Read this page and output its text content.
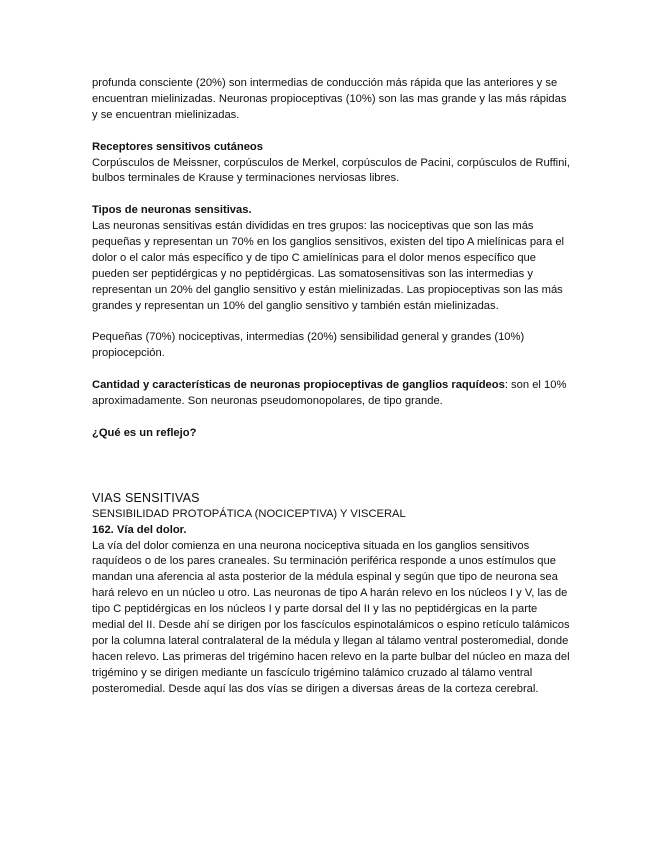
profunda consciente (20%) son intermedias de conducción más rápida que las anteriores y se encuentran mielinizadas. Neuronas propioceptivas (10%) son las mas grande y las más rápidas y se encuentran mielinizadas.

Receptores sensitivos cutáneos

Corpúsculos de Meissner, corpúsculos de Merkel, corpúsculos de Pacini, corpúsculos de Ruffini, bulbos terminales de Krause y terminaciones nerviosas libres.

Tipos de neuronas sensitivas.

Las neuronas sensitivas están divididas en tres grupos: las nociceptivas que son las más pequeñas y representan un 70% en los ganglios sensitivos, existen del tipo A mielínicas para el dolor o el calor más específico y de tipo C amielínicas para el dolor menos específico que pueden ser peptidérgicas y no peptidérgicas. Las somatosensitivas son las intermedias y representan un 20% del ganglio sensitivo y están mielinizadas. Las propioceptivas son las más grandes y representan un 10% del ganglio sensitivo y también están mielinizadas.

Pequeñas (70%) nociceptivas, intermedias (20%) sensibilidad general y grandes (10%) propiocepción.

Cantidad y características de neuronas propioceptivas de ganglios raquídeos: son el 10% aproximadamente. Son neuronas pseudomonopolares, de tipo grande.

¿Qué es un reflejo?

VIAS SENSITIVAS

SENSIBILIDAD PROTOPÁTICA (NOCICEPTIVA) Y VISCERAL

162. Vía del dolor.

La vía del dolor comienza en una neurona nociceptiva situada en los ganglios sensitivos raquídeos o de los pares craneales. Su terminación periférica responde a unos estímulos que mandan una aferencia al asta posterior de la médula espinal y según que tipo de neurona sea hará relevo en un núcleo u otro. Las neuronas de tipo A harán relevo en los núcleos I y V, las de tipo C peptidérgicas en los núcleos I y parte dorsal del II y las no peptidérgicas en la parte medial del II. Desde ahí se dirigen por los fascículos espinotalámicos o espino retículo talámicos por la columna lateral contralateral de la médula y llegan al tálamo ventral posteromedial, donde hacen relevo. Las primeras del trigémino hacen relevo en la parte bulbar del núcleo en maza del trigémino y se dirigen mediante un fascículo trigémino talámico cruzado al tálamo ventral posteromedial. Desde aquí las dos vías se dirigen a diversas áreas de la corteza cerebral.
